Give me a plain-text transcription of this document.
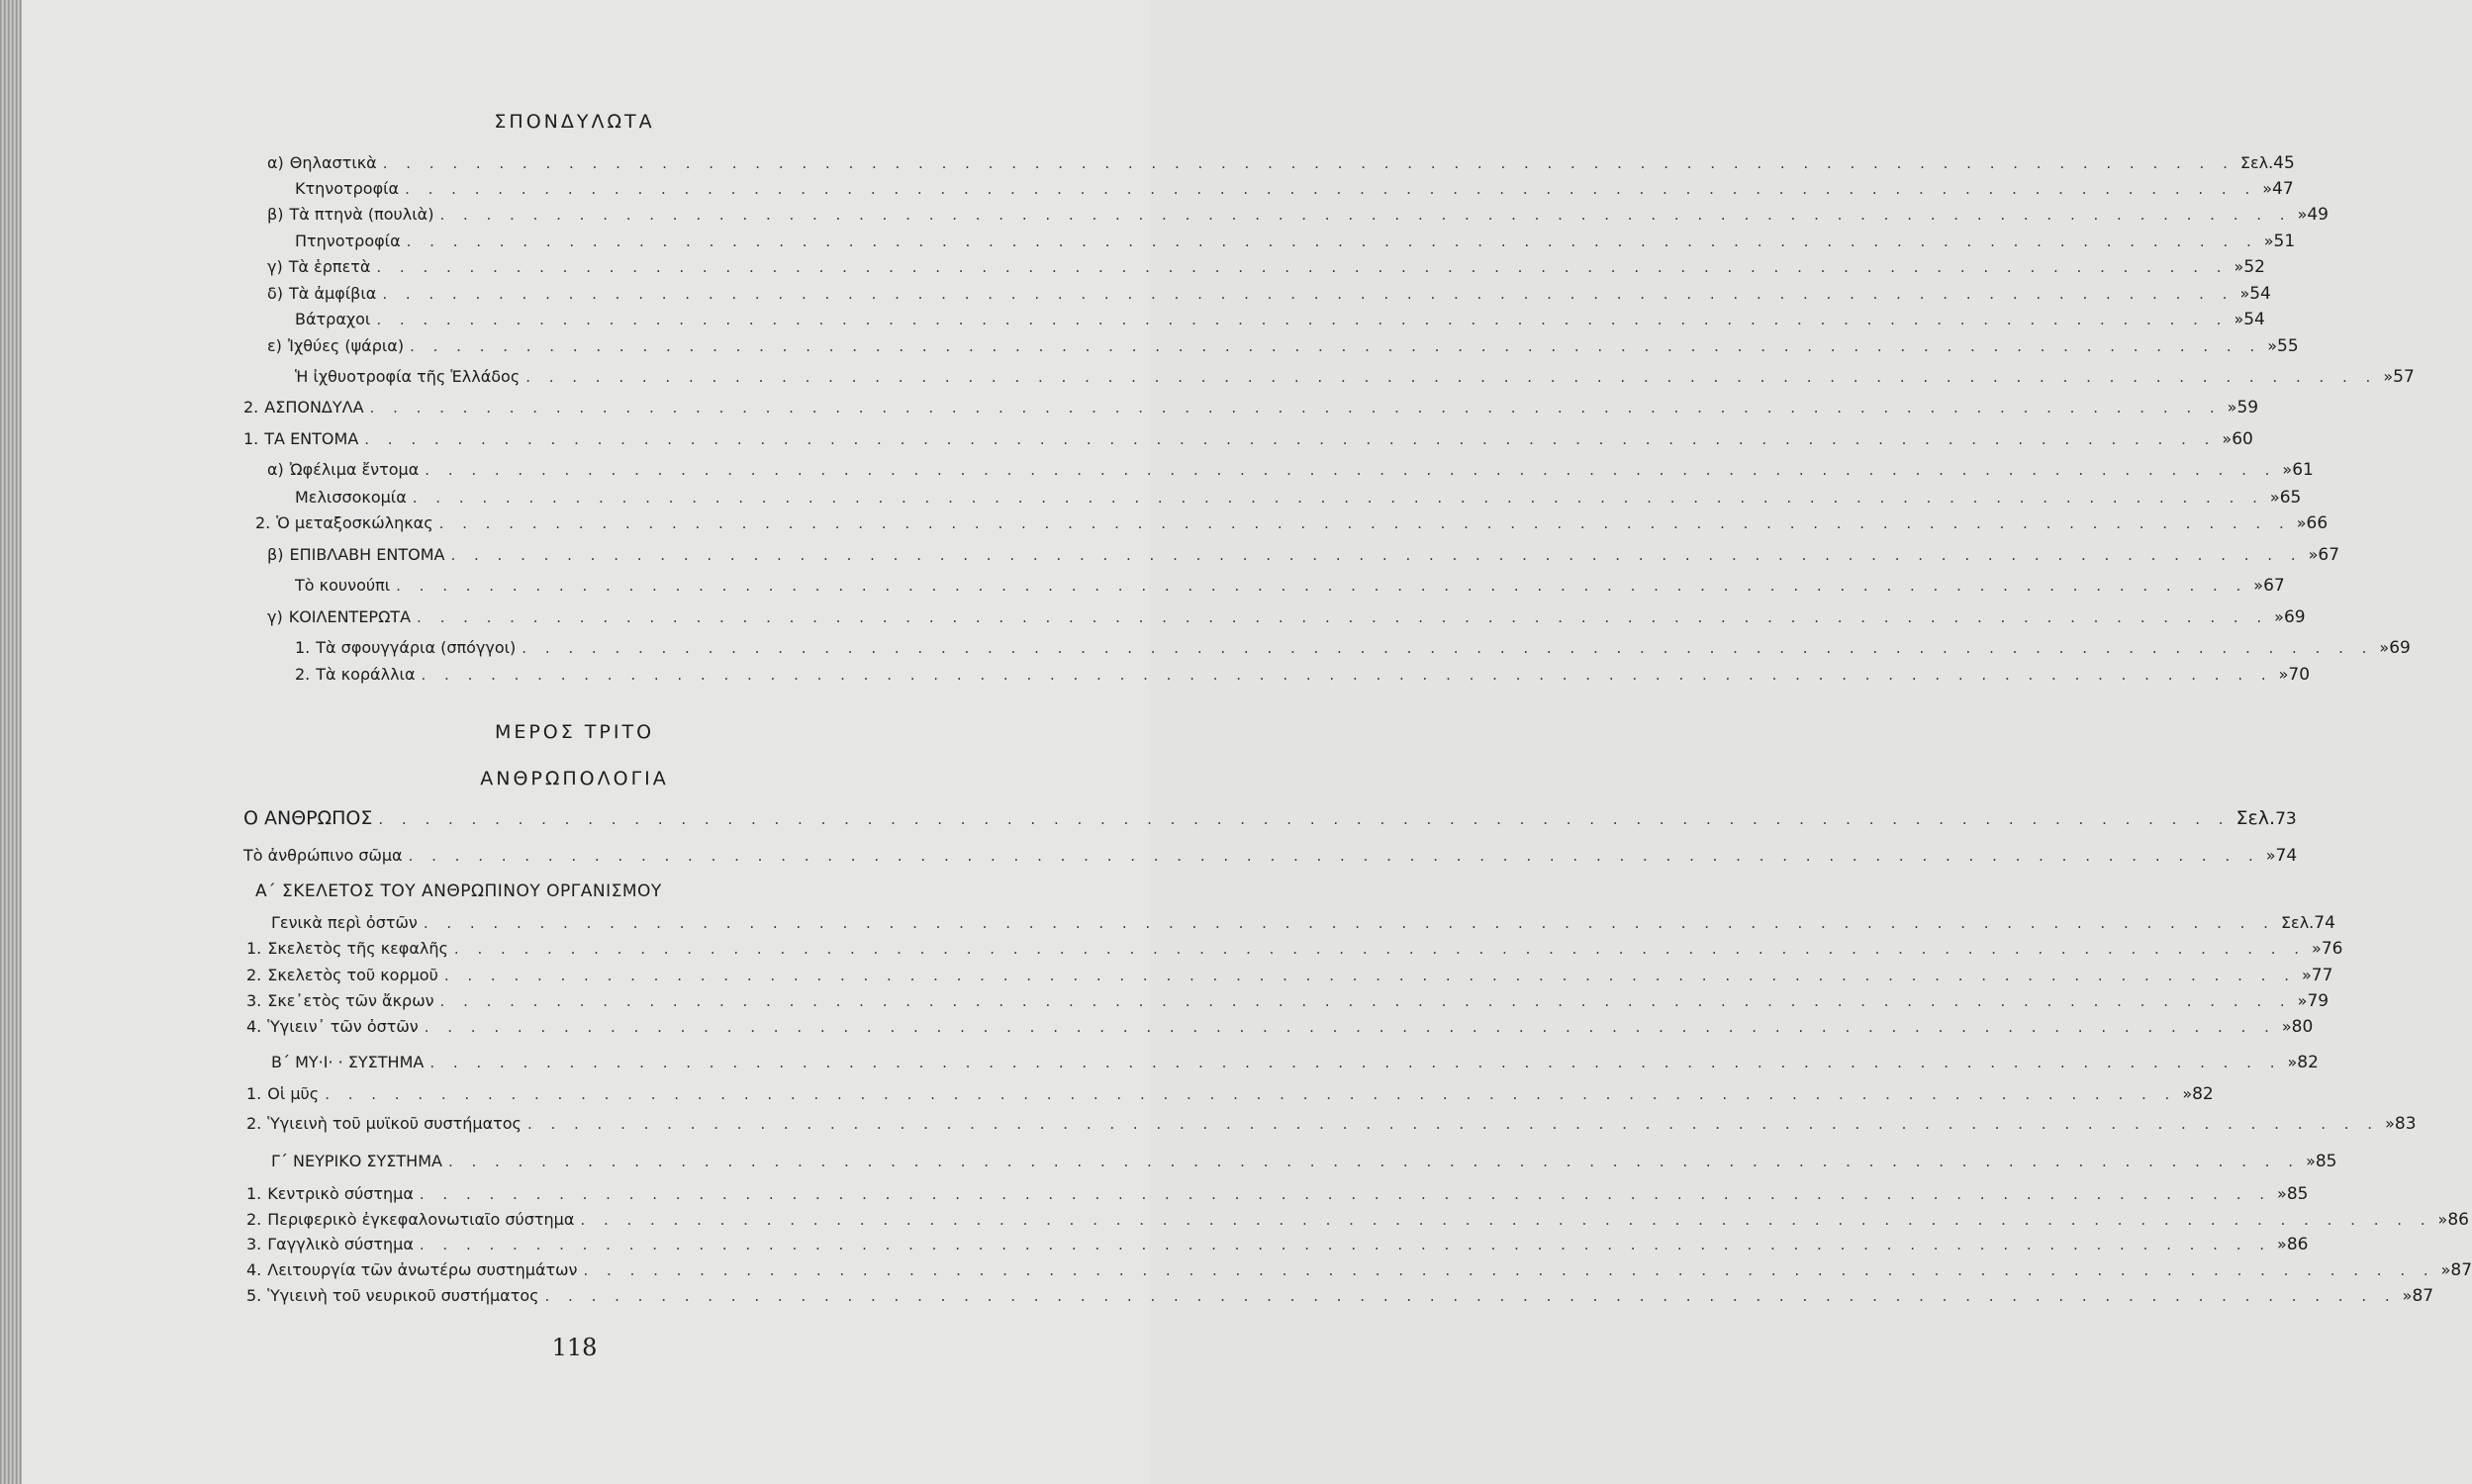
ΣΠΟΝΔΥΛΩΤΑ
α) Θηλαστικὰ . . . . . . . . . . . . . . . . . . . . . . . . . . . . . . . . . . . . . . . . . . . . . . . . . . . . . . . . . . . . . . . . . . . . . . . . . . . . . . . . Σελ. 45
Κτηνοτροφία . . . . . . . . . . . . . . . . . . . . . . . . . . . . . . . . . . . . . . . . . . . . . . . . . . . . . . . . . . . . . . . . . . . . . . . . . . . . . . . . » 47
β) Τὰ πτηνὰ (πουλιὰ) . . . . . . . . . . . . . . . . . . . . . . . . . . . . . . . . . . . . . . . . . . . . . . . . . . . . . . . . . . . . . . . . . . . . . . . . . . . . . . . . » 49
Πτηνοτροφία . . . . . . . . . . . . . . . . . . . . . . . . . . . . . . . . . . . . . . . . . . . . . . . . . . . . . . . . . . . . . . . . . . . . . . . . . . . . . . . . » 51
γ) Τὰ ἑρπετὰ . . . . . . . . . . . . . . . . . . . . . . . . . . . . . . . . . . . . . . . . . . . . . . . . . . . . . . . . . . . . . . . . . . . . . . . . . . . . . . . . » 52
δ) Τὰ ἀμφίβια . . . . . . . . . . . . . . . . . . . . . . . . . . . . . . . . . . . . . . . . . . . . . . . . . . . . . . . . . . . . . . . . . . . . . . . . . . . . . . . . » 54
Βάτραχοι . . . . . . . . . . . . . . . . . . . . . . . . . . . . . . . . . . . . . . . . . . . . . . . . . . . . . . . . . . . . . . . . . . . . . . . . . . . . . . . . » 54
ε) Ἰχθύες (ψάρια) . . . . . . . . . . . . . . . . . . . . . . . . . . . . . . . . . . . . . . . . . . . . . . . . . . . . . . . . . . . . . . . . . . . . . . . . . . . . . . . . » 55
Ἡ ἰχθυοτροφία τῆς Ἑλλάδος . . . . . . . . . . . . . . . . . . . . . . . . . . . . . . . . . . . . . . . . . . . . . . . . . . . . . . . . . . . . . . . . . . . . . . . . . . . . . . . . » 57
2. ΑΣΠΟΝΔΥΛΑ . . . . . . . . . . . . . . . . . . . . . . . . . . . . . . . . . . . . . . . . . . . . . . . . . . . . . . . . . . . . . . . . . . . . . . . . . . . . . . . . » 59
1. ΤΑ ΕΝΤΟΜΑ . . . . . . . . . . . . . . . . . . . . . . . . . . . . . . . . . . . . . . . . . . . . . . . . . . . . . . . . . . . . . . . . . . . . . . . . . . . . . . . . » 60
α) Ὠφέλιμα ἔντομα . . . . . . . . . . . . . . . . . . . . . . . . . . . . . . . . . . . . . . . . . . . . . . . . . . . . . . . . . . . . . . . . . . . . . . . . . . . . . . . . » 61
Μελισσοκομία . . . . . . . . . . . . . . . . . . . . . . . . . . . . . . . . . . . . . . . . . . . . . . . . . . . . . . . . . . . . . . . . . . . . . . . . . . . . . . . . » 65
2. Ὁ μεταξοσκώληκας . . . . . . . . . . . . . . . . . . . . . . . . . . . . . . . . . . . . . . . . . . . . . . . . . . . . . . . . . . . . . . . . . . . . . . . . . . . . . . . . » 66
β) ΕΠΙΒΛΑΒΗ ΕΝΤΟΜΑ . . . . . . . . . . . . . . . . . . . . . . . . . . . . . . . . . . . . . . . . . . . . . . . . . . . . . . . . . . . . . . . . . . . . . . . . . . . . . . . . » 67
Τὸ κουνούπι . . . . . . . . . . . . . . . . . . . . . . . . . . . . . . . . . . . . . . . . . . . . . . . . . . . . . . . . . . . . . . . . . . . . . . . . . . . . . . . . » 67
γ) ΚΟΙΛΕΝΤΕΡΩΤΑ . . . . . . . . . . . . . . . . . . . . . . . . . . . . . . . . . . . . . . . . . . . . . . . . . . . . . . . . . . . . . . . . . . . . . . . . . . . . . . . . » 69
1. Τὰ σφουγγάρια (σπόγγοι) . . . . . . . . . . . . . . . . . . . . . . . . . . . . . . . . . . . . . . . . . . . . . . . . . . . . . . . . . . . . . . . . . . . . . . . . . . . . . . . . » 69
2. Τὰ κοράλλια . . . . . . . . . . . . . . . . . . . . . . . . . . . . . . . . . . . . . . . . . . . . . . . . . . . . . . . . . . . . . . . . . . . . . . . . . . . . . . . . » 70
ΜΕΡΟΣ ΤΡΙΤΟ
ΑΝΘΡΩΠΟΛΟΓΙΑ
Ο ΑΝΘΡΩΠΟΣ . . . . . . . . . . . . . . . . . . . . . . . . . . . . . . . . . . . . . . . . . . . . . . . . . . . . . . . . . . . . . . . . . . . . . . . . . . . . . . . . Σελ. 73
Τὸ ἀνθρώπινο σῶμα . . . . . . . . . . . . . . . . . . . . . . . . . . . . . . . . . . . . . . . . . . . . . . . . . . . . . . . . . . . . . . . . . . . . . . . . . . . . . . . . » 74
Α΄ ΣΚΕΛΕΤΟΣ ΤΟΥ ΑΝΘΡΩΠΙΝΟΥ ΟΡΓΑΝΙΣΜΟΥ
Γενικὰ περὶ ὀστῶν . . . . . . . . . . . . . . . . . . . . . . . . . . . . . . . . . . . . . . . . . . . . . . . . . . . . . . . . . . . . . . . . . . . . . . . . . . . . . . . . Σελ. 74
1. Σκελετὸς τῆς κεφαλῆς . . . . . . . . . . . . . . . . . . . . . . . . . . . . . . . . . . . . . . . . . . . . . . . . . . . . . . . . . . . . . . . . . . . . . . . . . . . . . . . . » 76
2. Σκελετὸς τοῦ κορμοῦ . . . . . . . . . . . . . . . . . . . . . . . . . . . . . . . . . . . . . . . . . . . . . . . . . . . . . . . . . . . . . . . . . . . . . . . . . . . . . . . . » 77
3. Σκε᾽ετὸς τῶν ἄκρων . . . . . . . . . . . . . . . . . . . . . . . . . . . . . . . . . . . . . . . . . . . . . . . . . . . . . . . . . . . . . . . . . . . . . . . . . . . . . . . . » 79
4. Ὑγιειν᾽ τῶν ὀστῶν . . . . . . . . . . . . . . . . . . . . . . . . . . . . . . . . . . . . . . . . . . . . . . . . . . . . . . . . . . . . . . . . . . . . . . . . . . . . . . . . » 80
Β΄ ΜΥ·Ι· · ΣΥΣΤΗΜΑ . . . . . . . . . . . . . . . . . . . . . . . . . . . . . . . . . . . . . . . . . . . . . . . . . . . . . . . . . . . . . . . . . . . . . . . . . . . . . . . . » 82
1. Οἱ μῦς . . . . . . . . . . . . . . . . . . . . . . . . . . . . . . . . . . . . . . . . . . . . . . . . . . . . . . . . . . . . . . . . . . . . . . . . . . . . . . . . » 82
2. Ὑγιεινὴ τοῦ μυϊκοῦ συστήματος . . . . . . . . . . . . . . . . . . . . . . . . . . . . . . . . . . . . . . . . . . . . . . . . . . . . . . . . . . . . . . . . . . . . . . . . . . . . . . . . » 83
Γ΄ ΝΕΥΡΙΚΟ ΣΥΣΤΗΜΑ . . . . . . . . . . . . . . . . . . . . . . . . . . . . . . . . . . . . . . . . . . . . . . . . . . . . . . . . . . . . . . . . . . . . . . . . . . . . . . . . » 85
1. Κεντρικὸ σύστημα . . . . . . . . . . . . . . . . . . . . . . . . . . . . . . . . . . . . . . . . . . . . . . . . . . . . . . . . . . . . . . . . . . . . . . . . . . . . . . . . » 85
2. Περιφερικὸ ἐγκεφαλονωτιαῖο σύστημα . . . . . . . . . . . . . . . . . . . . . . . . . . . . . . . . . . . . . . . . . . . . . . . . . . . . . . . . . . . . . . . . . . . . . . . . . . . . . . . . » 86
3. Γαγγλικὸ σύστημα . . . . . . . . . . . . . . . . . . . . . . . . . . . . . . . . . . . . . . . . . . . . . . . . . . . . . . . . . . . . . . . . . . . . . . . . . . . . . . . . » 86
4. Λειτουργία τῶν ἀνωτέρω συστημάτων . . . . . . . . . . . . . . . . . . . . . . . . . . . . . . . . . . . . . . . . . . . . . . . . . . . . . . . . . . . . . . . . . . . . . . . . . . . . . . . . » 87
5. Ὑγιεινὴ τοῦ νευρικοῦ συστήματος . . . . . . . . . . . . . . . . . . . . . . . . . . . . . . . . . . . . . . . . . . . . . . . . . . . . . . . . . . . . . . . . . . . . . . . . . . . . . . . . » 87
118
